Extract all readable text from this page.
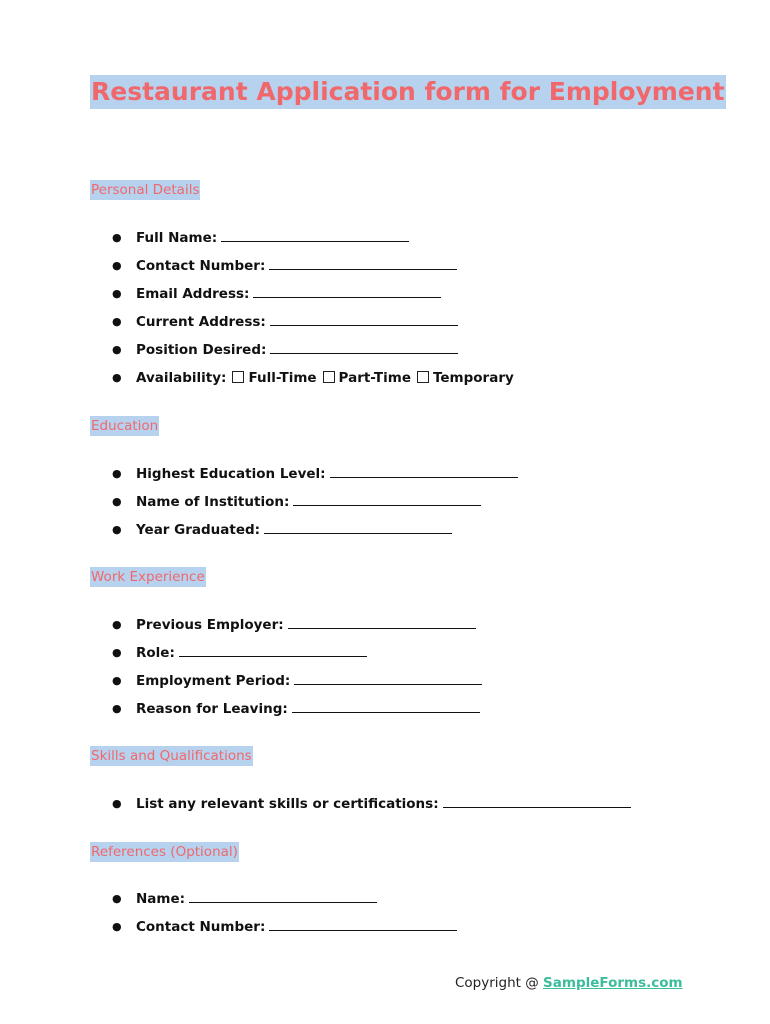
Restaurant Application form for Employment
Personal Details
● Full Name:
● Contact Number:
● Email Address:
● Current Address:
● Position Desired:
● Availability: Full-Time Part-Time Temporary
Education
● Highest Education Level:
● Name of Institution:
● Year Graduated:
Work Experience
● Previous Employer:
● Role:
● Employment Period:
● Reason for Leaving:
Skills and Qualifications
● List any relevant skills or certifications:
References (Optional)
● Name:
● Contact Number:
Copyright @ SampleForms.com
